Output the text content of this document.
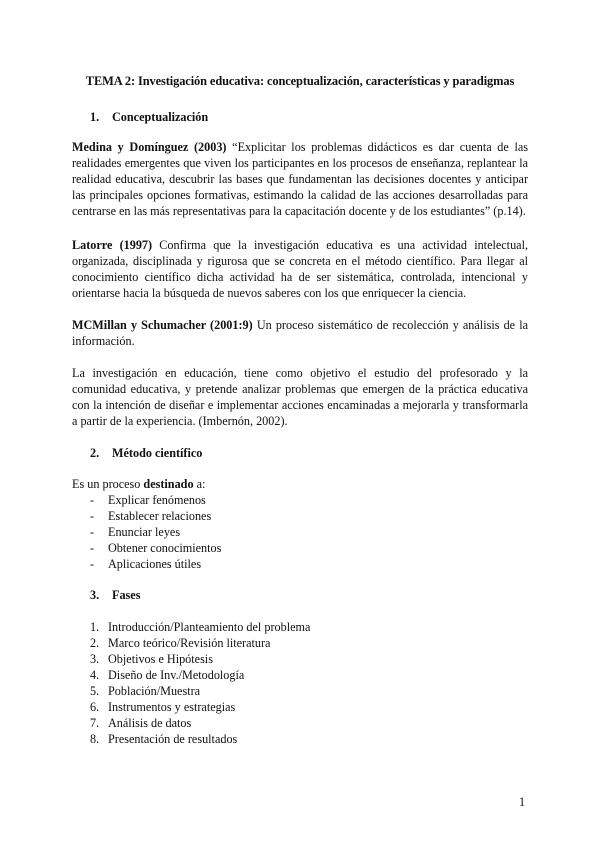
TEMA 2: Investigación educativa: conceptualización, características y paradigmas
1. Conceptualización

Medina y Domínguez (2003) “Explicitar los problemas didácticos es dar cuenta de las realidades emergentes que viven los participantes en los procesos de enseñanza, replantear la realidad educativa, descubrir las bases que fundamentan las decisiones docentes y anticipar las principales opciones formativas, estimando la calidad de las acciones desarrolladas para centrarse en las más representativas para la capacitación docente y de los estudiantes” (p.14).

Latorre (1997) Confirma que la investigación educativa es una actividad intelectual, organizada, disciplinada y rigurosa que se concreta en el método científico. Para llegar al conocimiento científico dicha actividad ha de ser sistemática, controlada, intencional y orientarse hacia la búsqueda de nuevos saberes con los que enriquecer la ciencia.

MCMillan y Schumacher (2001:9) Un proceso sistemático de recolección y análisis de la información.

La investigación en educación, tiene como objetivo el estudio del profesorado y la comunidad educativa, y pretende analizar problemas que emergen de la práctica educativa con la intención de diseñar e implementar acciones encaminadas a mejorarla y transformarla a partir de la experiencia. (Imbernón, 2002).

2. Método científico

Es un proceso destinado a:

- Explicar fenómenos
- Establecer relaciones
- Enunciar leyes
- Obtener conocimientos
- Aplicaciones útiles
3. Fases
1. Introducción/Planteamiento del problema
2. Marco teórico/Revisión literatura
3. Objetivos e Hipótesis
4. Diseño de Inv./Metodología
5. Población/Muestra
6. Instrumentos y estrategias
7. Análisis de datos
8. Presentación de resultados
1
